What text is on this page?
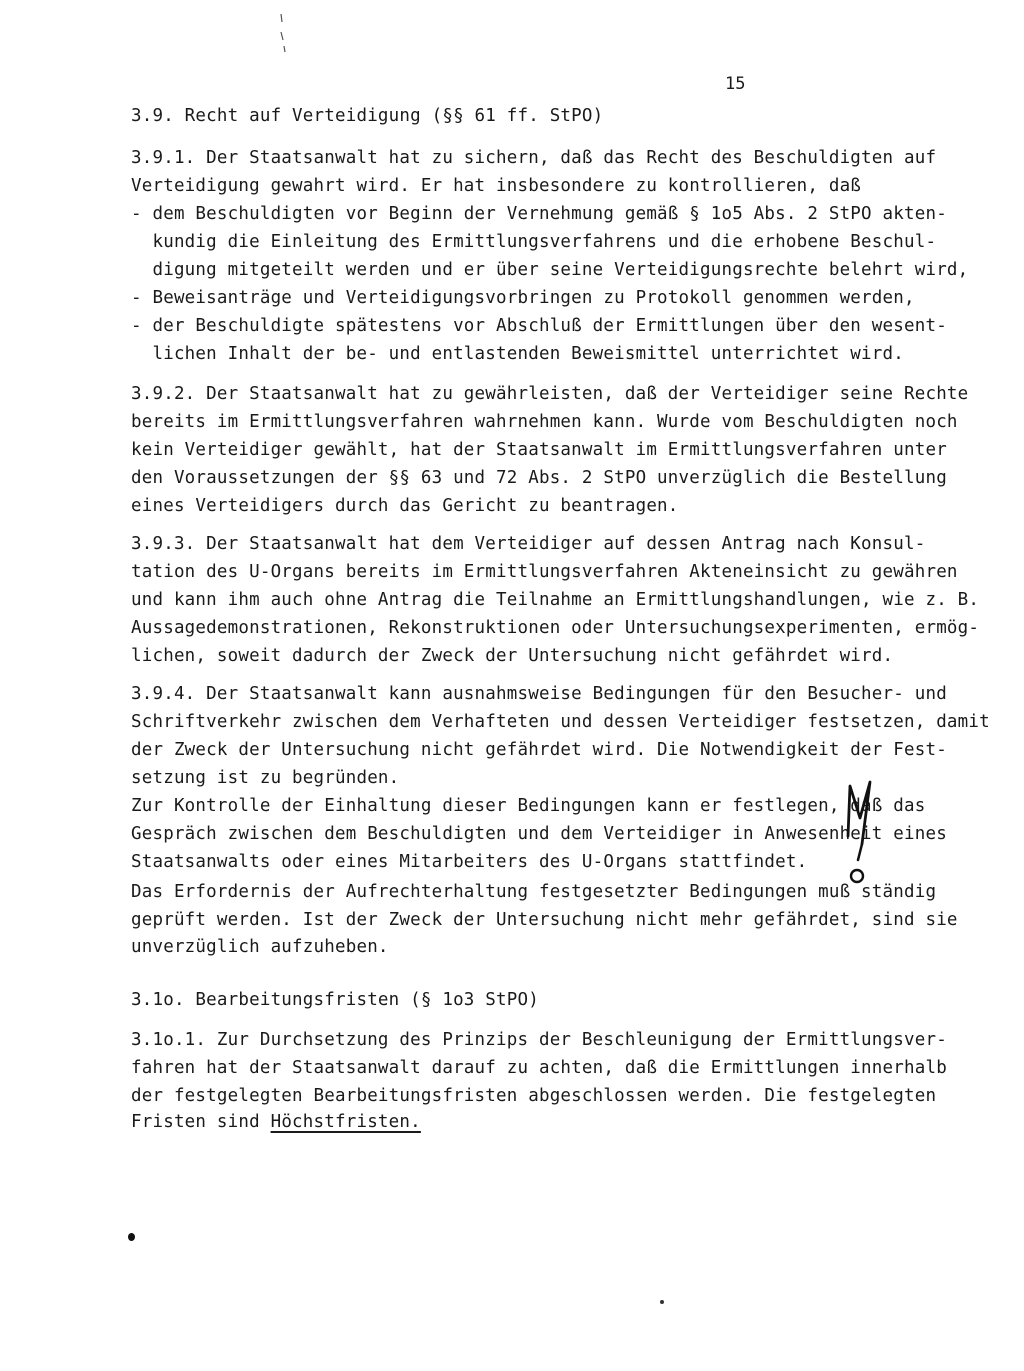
15
3.9. Recht auf Verteidigung (§§ 61 ff. StPO)
3.9.1. Der Staatsanwalt hat zu sichern, daß das Recht des Beschuldigten auf
Verteidigung gewahrt wird. Er hat insbesondere zu kontrollieren, daß
- dem Beschuldigten vor Beginn der Vernehmung gemäß § 1o5 Abs. 2 StPO akten-
kundig die Einleitung des Ermittlungsverfahrens und die erhobene Beschul-
digung mitgeteilt werden und er über seine Verteidigungsrechte belehrt wird,
- Beweisanträge und Verteidigungsvorbringen zu Protokoll genommen werden,
- der Beschuldigte spätestens vor Abschluß der Ermittlungen über den wesent-
lichen Inhalt der be- und entlastenden Beweismittel unterrichtet wird.
3.9.2. Der Staatsanwalt hat zu gewährleisten, daß der Verteidiger seine Rechte
bereits im Ermittlungsverfahren wahrnehmen kann. Wurde vom Beschuldigten noch
kein Verteidiger gewählt, hat der Staatsanwalt im Ermittlungsverfahren unter
den Voraussetzungen der §§ 63 und 72 Abs. 2 StPO unverzüglich die Bestellung
eines Verteidigers durch das Gericht zu beantragen.
3.9.3. Der Staatsanwalt hat dem Verteidiger auf dessen Antrag nach Konsul-
tation des U-Organs bereits im Ermittlungsverfahren Akteneinsicht zu gewähren
und kann ihm auch ohne Antrag die Teilnahme an Ermittlungshandlungen, wie z. B.
Aussagedemonstrationen, Rekonstruktionen oder Untersuchungsexperimenten, ermög-
lichen, soweit dadurch der Zweck der Untersuchung nicht gefährdet wird.
3.9.4. Der Staatsanwalt kann ausnahmsweise Bedingungen für den Besucher- und
Schriftverkehr zwischen dem Verhafteten und dessen Verteidiger festsetzen, damit
der Zweck der Untersuchung nicht gefährdet wird. Die Notwendigkeit der Fest-
setzung ist zu begründen.
Zur Kontrolle der Einhaltung dieser Bedingungen kann er festlegen, daß das
Gespräch zwischen dem Beschuldigten und dem Verteidiger in Anwesenheit eines
Staatsanwalts oder eines Mitarbeiters des U-Organs stattfindet.
Das Erfordernis der Aufrechterhaltung festgesetzter Bedingungen muß ständig
geprüft werden. Ist der Zweck der Untersuchung nicht mehr gefährdet, sind sie
unverzüglich aufzuheben.
3.1o. Bearbeitungsfristen (§ 1o3 StPO)
3.1o.1. Zur Durchsetzung des Prinzips der Beschleunigung der Ermittlungsver-
fahren hat der Staatsanwalt darauf zu achten, daß die Ermittlungen innerhalb
der festgelegten Bearbeitungsfristen abgeschlossen werden. Die festgelegten
Fristen sind Höchstfristen.
